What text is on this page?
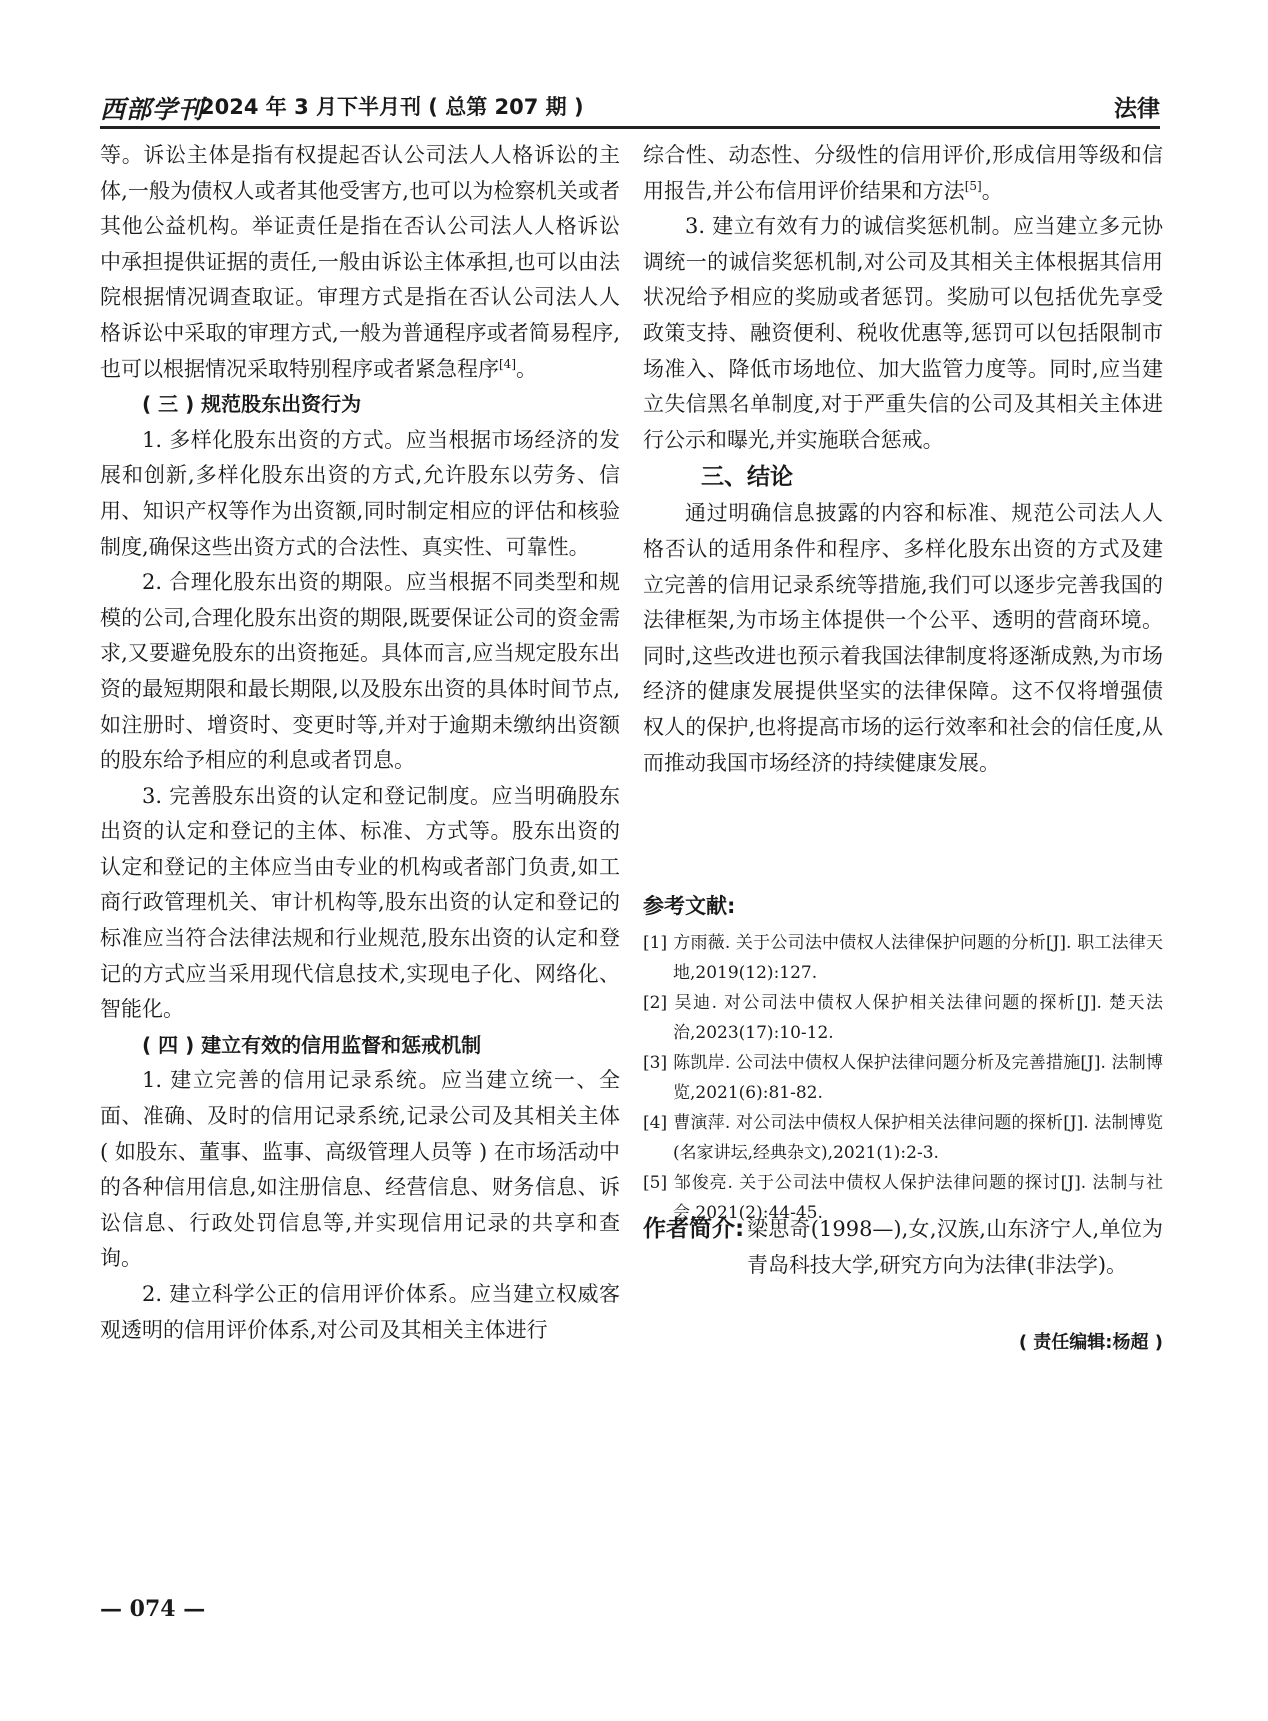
西部学刊
2024 年 3 月下半月刊 ( 总第 207 期 )	法律

等。诉讼主体是指有权提起否认公司法人人格诉讼的主体,一般为债权人或者其他受害方,也可以为检察机关或者其他公益机构。举证责任是指在否认公司法人人格诉讼中承担提供证据的责任,一般由诉讼主体承担,也可以由法院根据情况调查取证。审理方式是指在否认公司法人人格诉讼中采取的审理方式,一般为普通程序或者简易程序,也可以根据情况采取特别程序或者紧急程序[4]。

( 三 ) 规范股东出资行为

1. 多样化股东出资的方式。应当根据市场经济的发展和创新,多样化股东出资的方式,允许股东以劳务、信用、知识产权等作为出资额,同时制定相应的评估和核验制度,确保这些出资方式的合法性、真实性、可靠性。

2. 合理化股东出资的期限。应当根据不同类型和规模的公司,合理化股东出资的期限,既要保证公司的资金需求,又要避免股东的出资拖延。具体而言,应当规定股东出资的最短期限和最长期限,以及股东出资的具体时间节点,如注册时、增资时、变更时等,并对于逾期未缴纳出资额的股东给予相应的利息或者罚息。

3. 完善股东出资的认定和登记制度。应当明确股东出资的认定和登记的主体、标准、方式等。股东出资的认定和登记的主体应当由专业的机构或者部门负责,如工商行政管理机关、审计机构等,股东出资的认定和登记的标准应当符合法律法规和行业规范,股东出资的认定和登记的方式应当采用现代信息技术,实现电子化、网络化、智能化。

( 四 ) 建立有效的信用监督和惩戒机制

1. 建立完善的信用记录系统。应当建立统一、全面、准确、及时的信用记录系统,记录公司及其相关主体 ( 如股东、董事、监事、高级管理人员等 ) 在市场活动中的各种信用信息,如注册信息、经营信息、财务信息、诉讼信息、行政处罚信息等,并实现信用记录的共享和查询。

2. 建立科学公正的信用评价体系。应当建立权威客观透明的信用评价体系,对公司及其相关主体进行

综合性、动态性、分级性的信用评价,形成信用等级和信用报告,并公布信用评价结果和方法[5]。

3. 建立有效有力的诚信奖惩机制。应当建立多元协调统一的诚信奖惩机制,对公司及其相关主体根据其信用状况给予相应的奖励或者惩罚。奖励可以包括优先享受政策支持、融资便利、税收优惠等,惩罚可以包括限制市场准入、降低市场地位、加大监管力度等。同时,应当建立失信黑名单制度,对于严重失信的公司及其相关主体进行公示和曝光,并实施联合惩戒。

三、结论

通过明确信息披露的内容和标准、规范公司法人人格否认的适用条件和程序、多样化股东出资的方式及建立完善的信用记录系统等措施,我们可以逐步完善我国的法律框架,为市场主体提供一个公平、透明的营商环境。同时,这些改进也预示着我国法律制度将逐渐成熟,为市场经济的健康发展提供坚实的法律保障。这不仅将增强债权人的保护,也将提高市场的运行效率和社会的信任度,从而推动我国市场经济的持续健康发展。

参考文献:
[1] 方雨薇. 关于公司法中债权人法律保护问题的分析[J]. 职工法律天地,2019(12):127.
[2] 吴迪. 对公司法中债权人保护相关法律问题的探析[J]. 楚天法治,2023(17):10-12.
[3] 陈凯岸. 公司法中债权人保护法律问题分析及完善措施[J]. 法制博览,2021(6):81-82.
[4] 曹演萍. 对公司法中债权人保护相关法律问题的探析[J]. 法制博览(名家讲坛,经典杂文),2021(1):2-3.
[5] 邹俊亮. 关于公司法中债权人保护法律问题的探讨[J]. 法制与社会,2021(2):44-45.
作者简介: 梁思奇(1998—),女,汉族,山东济宁人,单位为青岛科技大学,研究方向为法律(非法学)。
( 责任编辑:杨超 )
— 074 —
